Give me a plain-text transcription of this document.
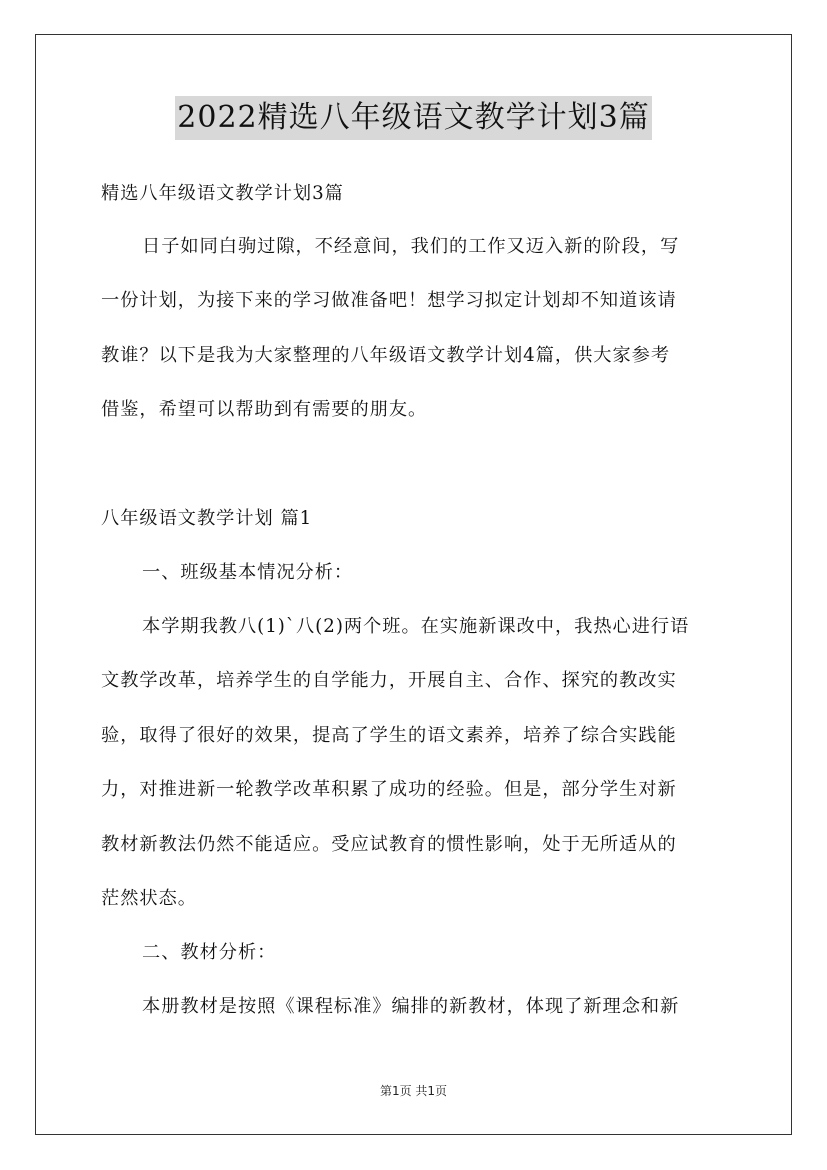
2022精选八年级语文教学计划3篇
精选八年级语文教学计划3篇
日子如同白驹过隙，不经意间，我们的工作又迈入新的阶段，写
一份计划，为接下来的学习做准备吧！想学习拟定计划却不知道该请
教谁？以下是我为大家整理的八年级语文教学计划4篇，供大家参考
借鉴，希望可以帮助到有需要的朋友。
八年级语文教学计划 篇1
一、班级基本情况分析：
本学期我教八(1)`八(2)两个班。在实施新课改中，我热心进行语
文教学改革，培养学生的自学能力，开展自主、合作、探究的教改实
验，取得了很好的效果，提高了学生的语文素养，培养了综合实践能
力，对推进新一轮教学改革积累了成功的经验。但是，部分学生对新
教材新教法仍然不能适应。受应试教育的惯性影响，处于无所适从的
茫然状态。
二、教材分析：
本册教材是按照《课程标准》编排的新教材，体现了新理念和新
第1页 共1页
